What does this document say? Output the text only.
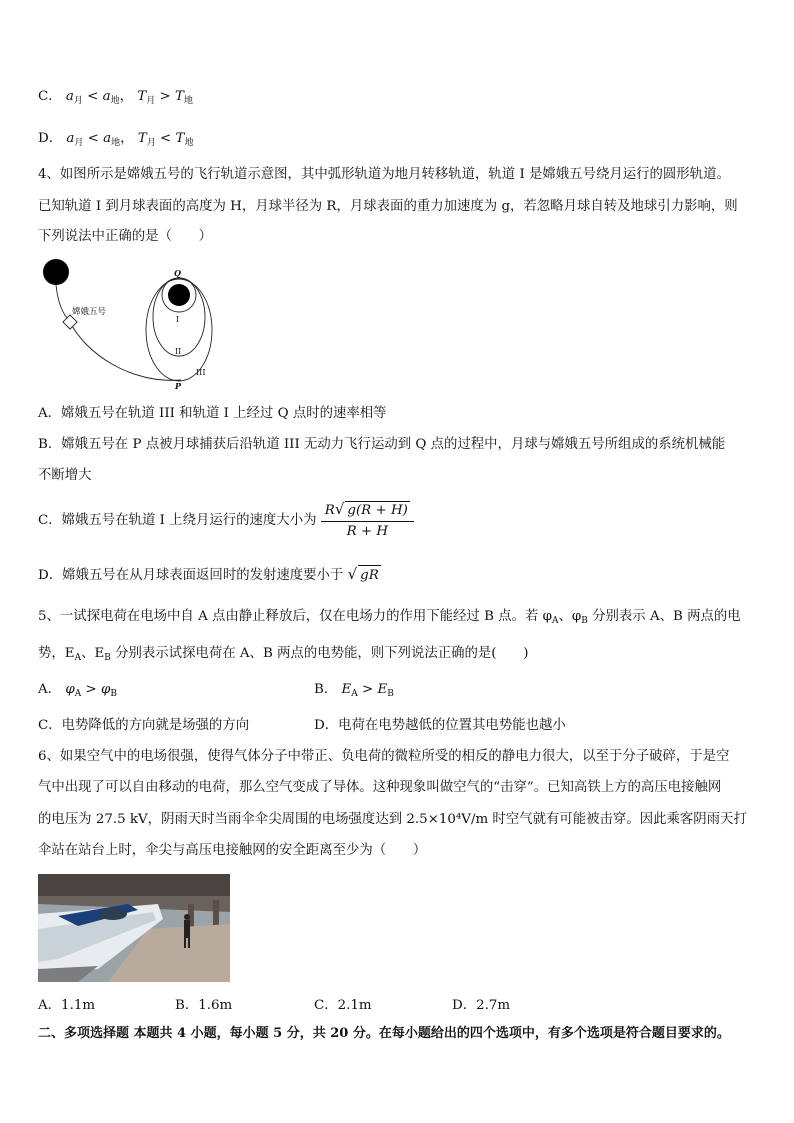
C． $a_月 < a_地$， $T_月 > T_地$
D． $a_月 < a_地$， $T_月 < T_地$
4、如图所示是嫦娥五号的飞行轨道示意图，其中弧形轨道为地月转移轨道，轨道 I 是嫦娥五号绕月运行的圆形轨道。
已知轨道 I 到月球表面的高度为 H，月球半径为 R，月球表面的重力加速度为 g，若忽略月球自转及地球引力影响，则
下列说法中正确的是（　　）
嫦娥五号
Q
I
II
III
P
A．嫦娥五号在轨道 III 和轨道 I 上经过 Q 点时的速率相等
B．嫦娥五号在 P 点被月球捕获后沿轨道 III 无动力飞行运动到 Q 点的过程中，月球与嫦娥五号所组成的系统机械能
不断增大
C．嫦娥五号在轨道 I 上绕月运行的速度大小为 $\frac{R√ g(R + H)}{R + H}$
D．嫦娥五号在从月球表面返回时的发射速度要小于 √ gR
5、一试探电荷在电场中自 A 点由静止释放后，仅在电场力的作用下能经过 B 点。若 $\varphi_A$、$\varphi_B$ 分别表示 A、B 两点的电
势，$E_A$、$E_B$ 分别表示试探电荷在 A、B 两点的电势能，则下列说法正确的是(　　)
A． $\varphi_A > \varphi_B$	B． $E_A > E_B$
C．电势降低的方向就是场强的方向	D．电荷在电势越低的位置其电势能也越小
6、如果空气中的电场很强，使得气体分子中带正、负电荷的微粒所受的相反的静电力很大，以至于分子破碎，于是空
气中出现了可以自由移动的电荷，那么空气变成了导体。这种现象叫做空气的“击穿”。已知高铁上方的高压电接触网
的电压为 27.5 kV，阴雨天时当雨伞伞尖周围的电场强度达到 2.5×10⁴V/m 时空气就有可能被击穿。因此乘客阴雨天打
伞站在站台上时，伞尖与高压电接触网的安全距离至少为（　　）
A．1.1m	B．1.6m	C．2.1m	D．2.7m
二、多项选择题 本题共 4 小题，每小题 5 分，共 20 分。在每小题给出的四个选项中，有多个选项是符合题目要求的。
